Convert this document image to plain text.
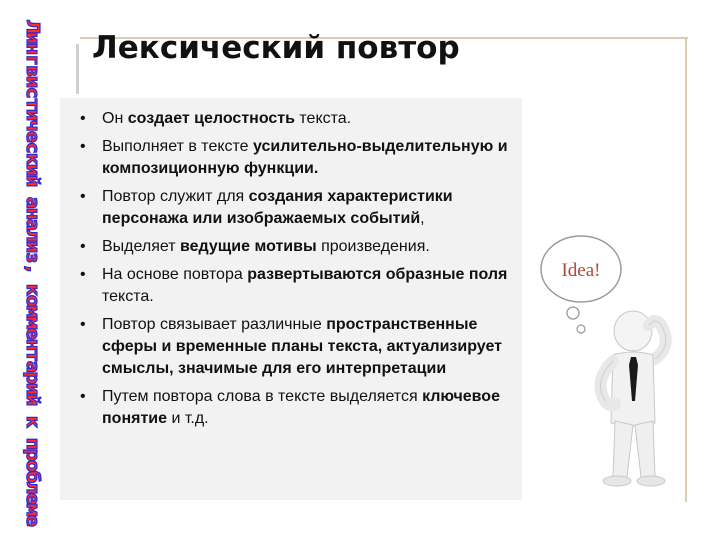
Л
и
н
г
в
и
с
т
и
ч
е
с
к
и
й
а
н
а
л
и
з
,
к
о
м
м
е
н
т
а
р
и
й
к
п
р
о
б
л
е
м
е
Лексический повтор
• Он создает целостность текста.
• Выполняет в тексте усилительно-выделительную и композиционную функции.
• Повтор служит для создания характеристики персонажа или изображаемых событий,
• Выделяет ведущие мотивы произведения.
• На основе повтора развертываются образные поля текста.
• Повтор связывает различные пространственные сферы и временные планы текста, актуализирует смыслы, значимые для его интерпретации
• Путем повтора слова в тексте выделяется ключевое понятие и т.д.
Idea!
